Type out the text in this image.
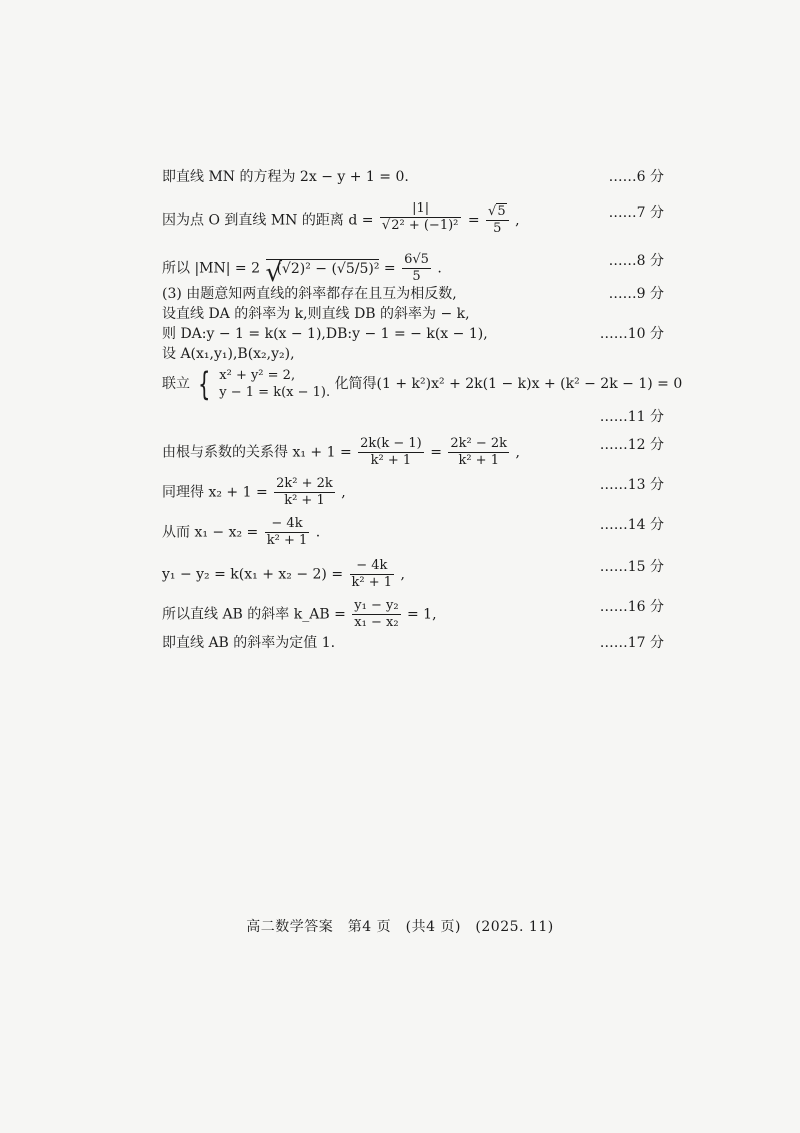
即直线 MN 的方程为 2x − y + 1 = 0.	……6 分
因为点 O 到直线 MN 的距离 $d = \frac{|1|}{\text{√2² + (−1)²}} = \frac{√5}{5}$ ,	……7 分
所以 |MN| = 2 √
$(√2)^2 - (√5/5)^2 = \frac{6√5}{5}$ .	……8 分
(3) 由题意知两直线的斜率都存在且互为相反数,	……9 分
设直线 DA 的斜率为 k,则直线 DB 的斜率为 − k,
则 DA:y − 1 = k(x − 1),DB:y − 1 = − k(x − 1),	……10 分
设 A(x₁,y₁),B(x₂,y₂),
联立 { x² + y² = 2,
y − 1 = k(x − 1).
化简得(1 + k²)x² + 2k(1 − k)x + (k² − 2k − 1) = 0
……11 分
由根与系数的关系得 $x_1 + 1 = \frac{2k(k - 1)}{\text{k² + 1}} = \frac{\text{2k² − 2k}}{\text{k² + 1}}$ ,	……12 分
同理得 $x_2 + 1 = \frac{\text{2k² + 2k}}{\text{k² + 1}}$ ,	……13 分
从而 $x_1 - x_2 = \frac{- 4k}{\text{k² + 1}}$ .	……14 分
$y_1 - y_2 = k(x_1 + x_2 - 2) = \frac{- 4k}{\text{k² + 1}}$ ,	……15 分
所以直线 AB 的斜率 k_AB = $\frac{\text{y₁ − y₂}}{\text{x₁ − x₂}} = 1$,	……16 分
即直线 AB 的斜率为定值 1.	……17 分
高二数学答案　第4 页　(共4 页)　(2025. 11)
